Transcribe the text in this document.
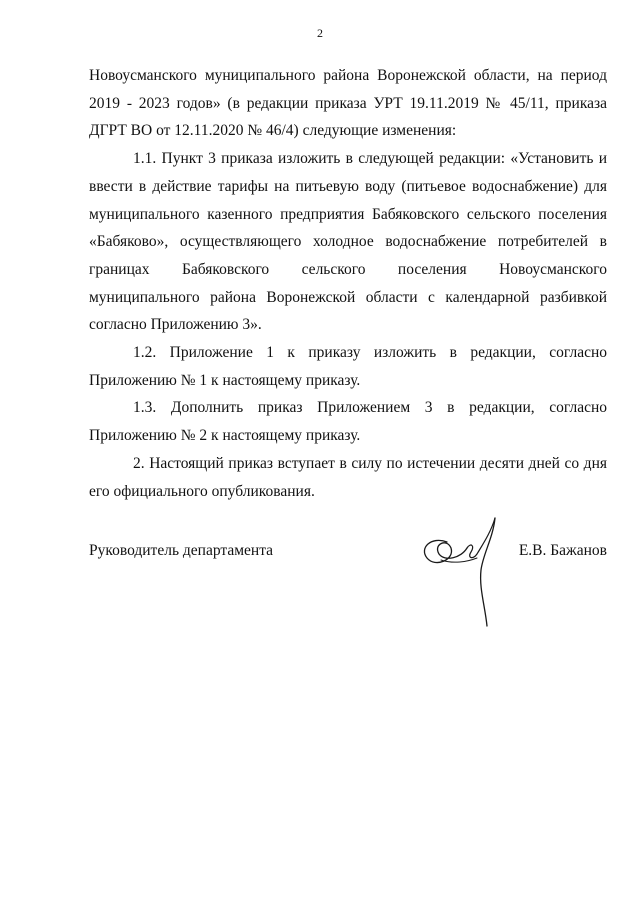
2

Новоусманского муниципального района Воронежской области, на период 2019 - 2023 годов» (в редакции приказа УРТ 19.11.2019 № 45/11, приказа ДГРТ ВО от 12.11.2020 № 46/4) следующие изменения:

1.1. Пункт 3 приказа изложить в следующей редакции: «Установить и ввести в действие тарифы на питьевую воду (питьевое водоснабжение) для муниципального казенного предприятия Бабяковского сельского поселения «Бабяково», осуществляющего холодное водоснабжение потребителей в границах Бабяковского сельского поселения Новоусманского муниципального района Воронежской области с календарной разбивкой согласно Приложению 3».

1.2. Приложение 1 к приказу изложить в редакции, согласно Приложению № 1 к настоящему приказу.

1.3. Дополнить приказ Приложением 3 в редакции, согласно Приложению № 2 к настоящему приказу.

2. Настоящий приказ вступает в силу по истечении десяти дней со дня его официального опубликования.

Руководитель департамента	Е.В. Бажанов
